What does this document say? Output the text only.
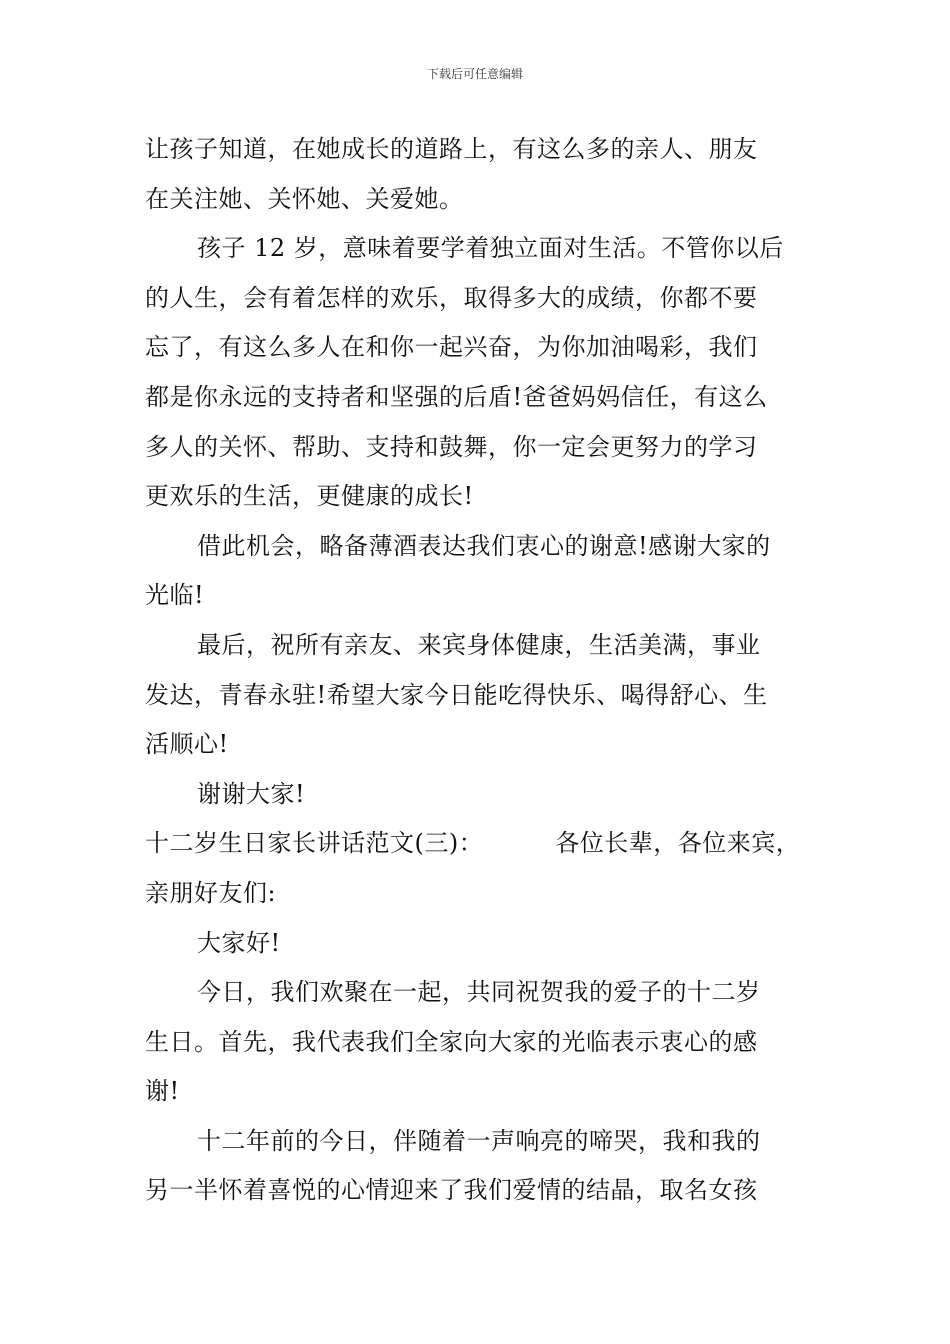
下载后可任意编辑
让孩子知道，在她成长的道路上，有这么多的亲人、朋友
在关注她、关怀她、关爱她。
孩子 12 岁，意味着要学着独立面对生活。不管你以后
的人生，会有着怎样的欢乐，取得多大的成绩，你都不要
忘了，有这么多人在和你一起兴奋，为你加油喝彩，我们
都是你永远的支持者和坚强的后盾!爸爸妈妈信任，有这么
多人的关怀、帮助、支持和鼓舞，你一定会更努力的学习
更欢乐的生活，更健康的成长!
借此机会，略备薄酒表达我们衷心的谢意!感谢大家的
光临!
最后，祝所有亲友、来宾身体健康，生活美满，事业
发达，青春永驻!希望大家今日能吃得快乐、喝得舒心、生
活顺心!
谢谢大家!
十二岁生日家长讲话范文(三)：	各位长辈，各位来宾，
亲朋好友们:
大家好!
今日，我们欢聚在一起，共同祝贺我的爱子的十二岁
生日。首先，我代表我们全家向大家的光临表示衷心的感
谢!
十二年前的今日，伴随着一声响亮的啼哭，我和我的
另一半怀着喜悦的心情迎来了我们爱情的结晶，取名女孩
